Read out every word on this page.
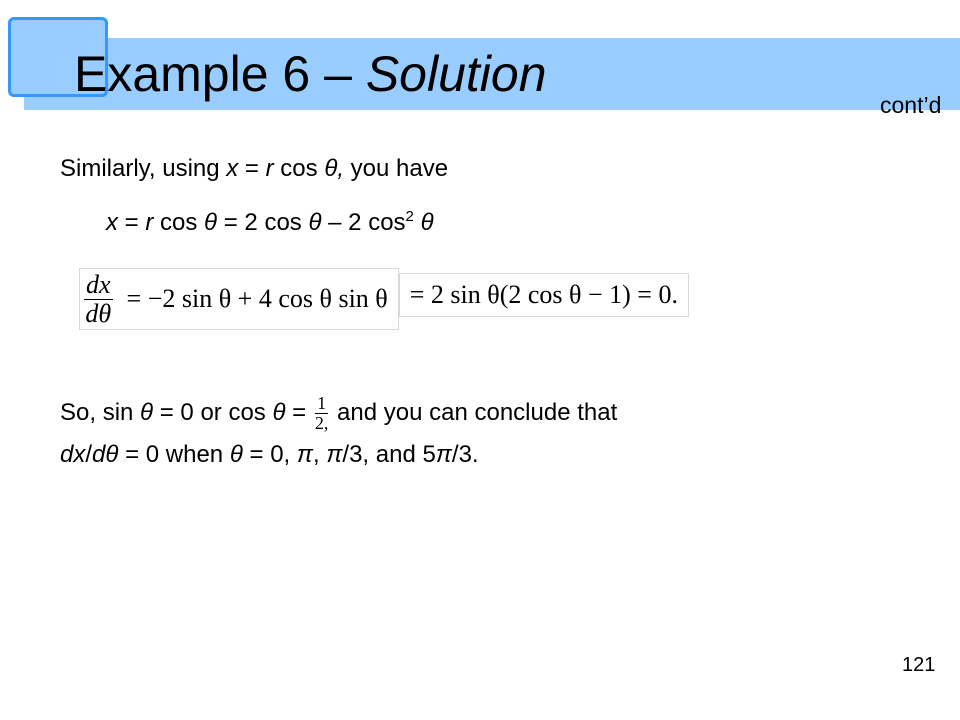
Example 6 – Solution
cont’d
Similarly, using x = r cos θ, you have
x = r cos θ = 2 cos θ – 2 $\cos^2 \theta$
$\frac{dx}{d\theta} = -2$ sin θ + 4 cos θ sin θ = 2 sin θ(2 cos θ − 1) = 0.
So, sin θ = 0 or $\cos \theta = \frac{1}{2,}$ and you can conclude that
dx/dθ = 0 when θ = 0, π, π/3, and 5π/3.
121
